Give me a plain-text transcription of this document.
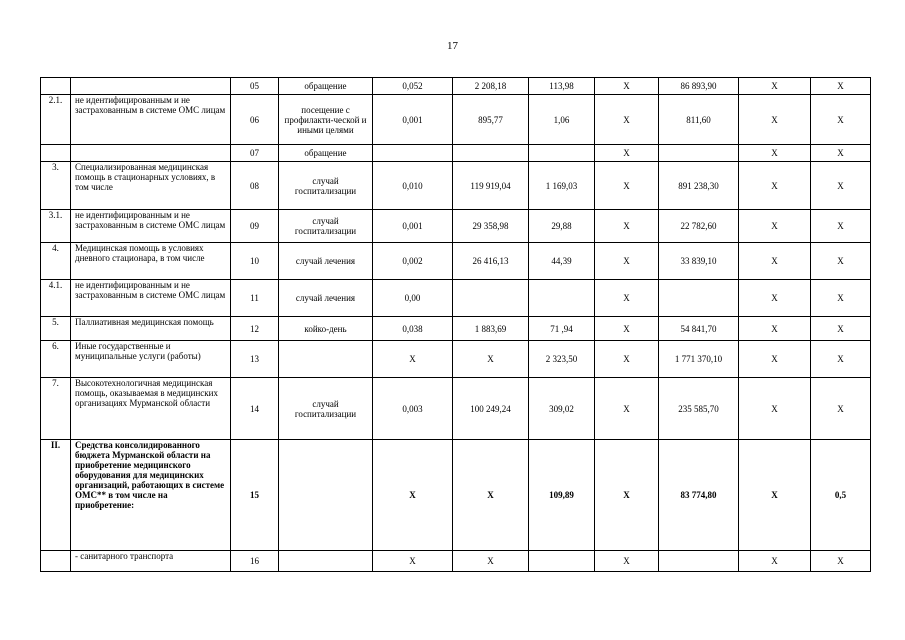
17
		05	обращение	0,052	2 208,18	113,98	Х	86 893,90	Х	Х
2.1.	не идентифицированным и не застрахованным в системе ОМС лицам	06	посещение с профилакти-ческой и иными целями	0,001	895,77	1,06	Х	811,60	Х	Х
		07	обращение				Х		Х	Х
3.	Специализированная медицинская помощь в стационарных условиях, в том числе	08	случай госпитализации	0,010	119 919,04	1 169,03	Х	891 238,30	Х	Х
3.1.	не идентифицированным и не застрахованным в системе ОМС лицам	09	случай госпитализации	0,001	29 358,98	29,88	Х	22 782,60	Х	Х
4.	Медицинская помощь в условиях дневного стационара, в том числе	10	случай лечения	0,002	26 416,13	44,39	Х	33 839,10	Х	Х
4.1.	не идентифицированным и не застрахованным в системе ОМС лицам	11	случай лечения	0,00			Х		Х	Х
5.	Паллиативная медицинская помощь	12	койко-день	0,038	1 883,69	71 ,94	Х	54 841,70	Х	Х
6.	Иные государственные и муниципальные услуги (работы)	13		Х	Х	2 323,50	Х	1 771 370,10	Х	Х
7.	Высокотехнологичная медицинская помощь, оказываемая в медицинских организациях Мурманской области	14	случай госпитализации	0,003	100 249,24	309,02	Х	235 585,70	Х	Х
II.	Средства консолидированного бюджета Мурманской области на приобретение медицинского оборудования для медицинских организаций, работающих в системе ОМС** в том числе на приобретение:	15		Х	Х	109,89	Х	83 774,80	Х	0,5
	- санитарного транспорта	16		Х	Х		Х		Х	Х
